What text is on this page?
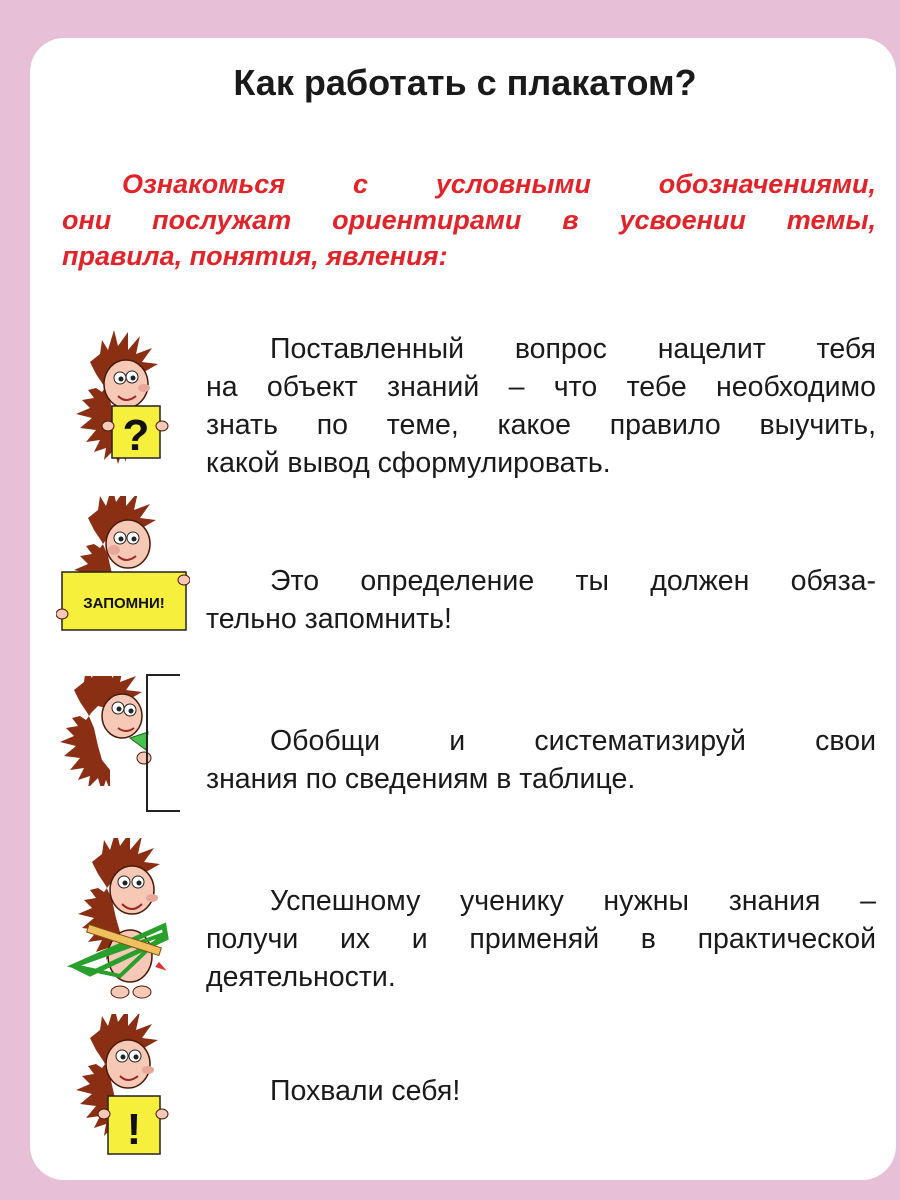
Как работать с плакатом?

Ознакомься с условными обозначениями,
они послужат ориентирами в усвоении темы,
правила, понятия, явления:

?

Поставленный вопрос нацелит тебя
на объект знаний – что тебе необходимо
знать по теме, какое правило выучить,
какой вывод сформулировать.

ЗАПОМНИ!

Это определение ты должен обяза-
тельно запомнить!

Обобщи и систематизируй свои
знания по сведениям в таблице.

Успешному ученику нужны знания –
получи их и применяй в практической
деятельности.

!

Похвали себя!
